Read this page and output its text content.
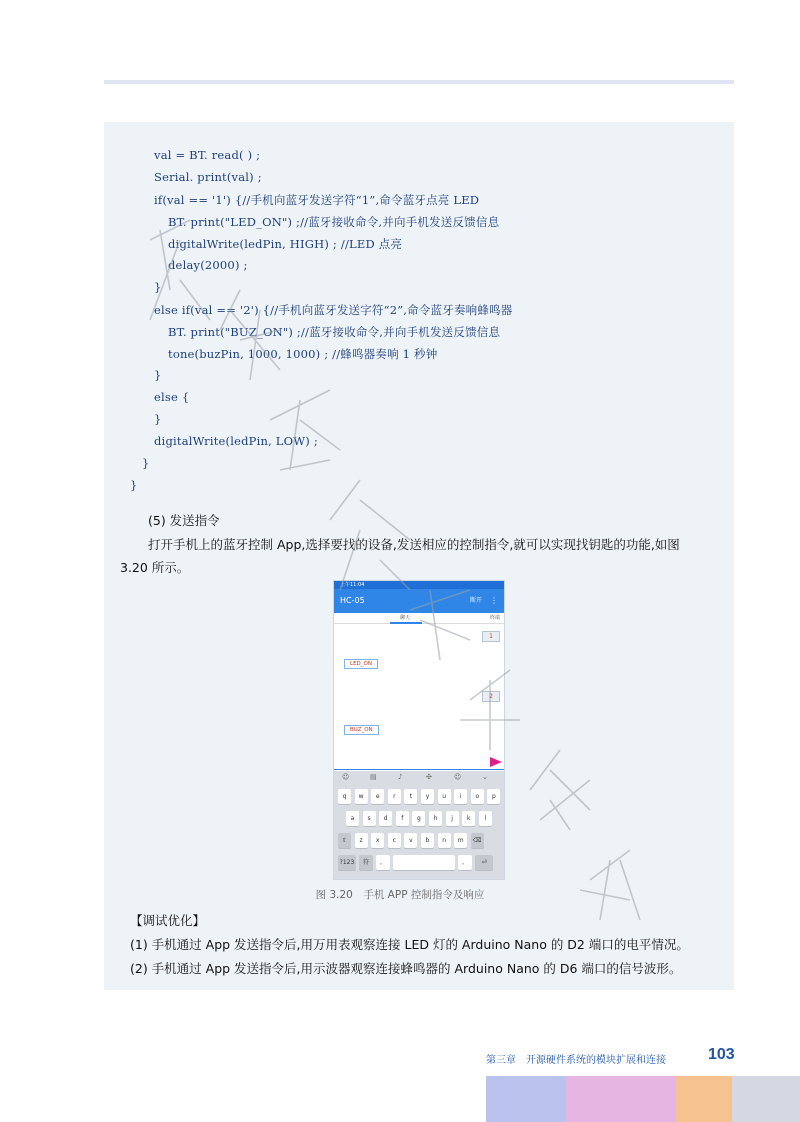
val = BT. read( ) ;
Serial. print(val) ;
if(val == '1') {//手机向蓝牙发送字符“1”,命令蓝牙点亮 LED
BT. print("LED_ON") ;//蓝牙接收命令,并向手机发送反馈信息
digitalWrite(ledPin, HIGH) ; //LED 点亮
delay(2000) ;
}
else if(val == '2') {//手机向蓝牙发送字符“2”,命令蓝牙奏响蜂鸣器
BT. print("BUZ_ON") ;//蓝牙接收命令,并向手机发送反馈信息
tone(buzPin, 1000, 1000) ; //蜂鸣器奏响 1 秒钟
}
else {
}
digitalWrite(ledPin, LOW) ;
}
}
(5) 发送指令
打开手机上的蓝牙控制 App,选择要找的设备,发送相应的控制指令,就可以实现找钥匙的功能,如图
3.20 所示。
上午11:04
HC-05	断开 ⋮
聊天	终端
1
LED_ON
2
BUZ_ON
☺	▤	♪	✣	☺	⌄
q	w	e	r	t	y	u	i	o	p
a	s	d	f	g	h	j	k	l
⇧	z	x	c	v	b	n	m	⌫
?123	符	，
　	。	⏎
【调试优化】
(1) 手机通过 App 发送指令后,用万用表观察连接 LED 灯的 Arduino Nano 的 D2 端口的电平情况。
(2) 手机通过 App 发送指令后,用示波器观察连接蜂鸣器的 Arduino Nano 的 D6 端口的信号波形。
图 3.20　手机 APP 控制指令及响应
第三章　开源硬件系统的模块扩展和连接	103
